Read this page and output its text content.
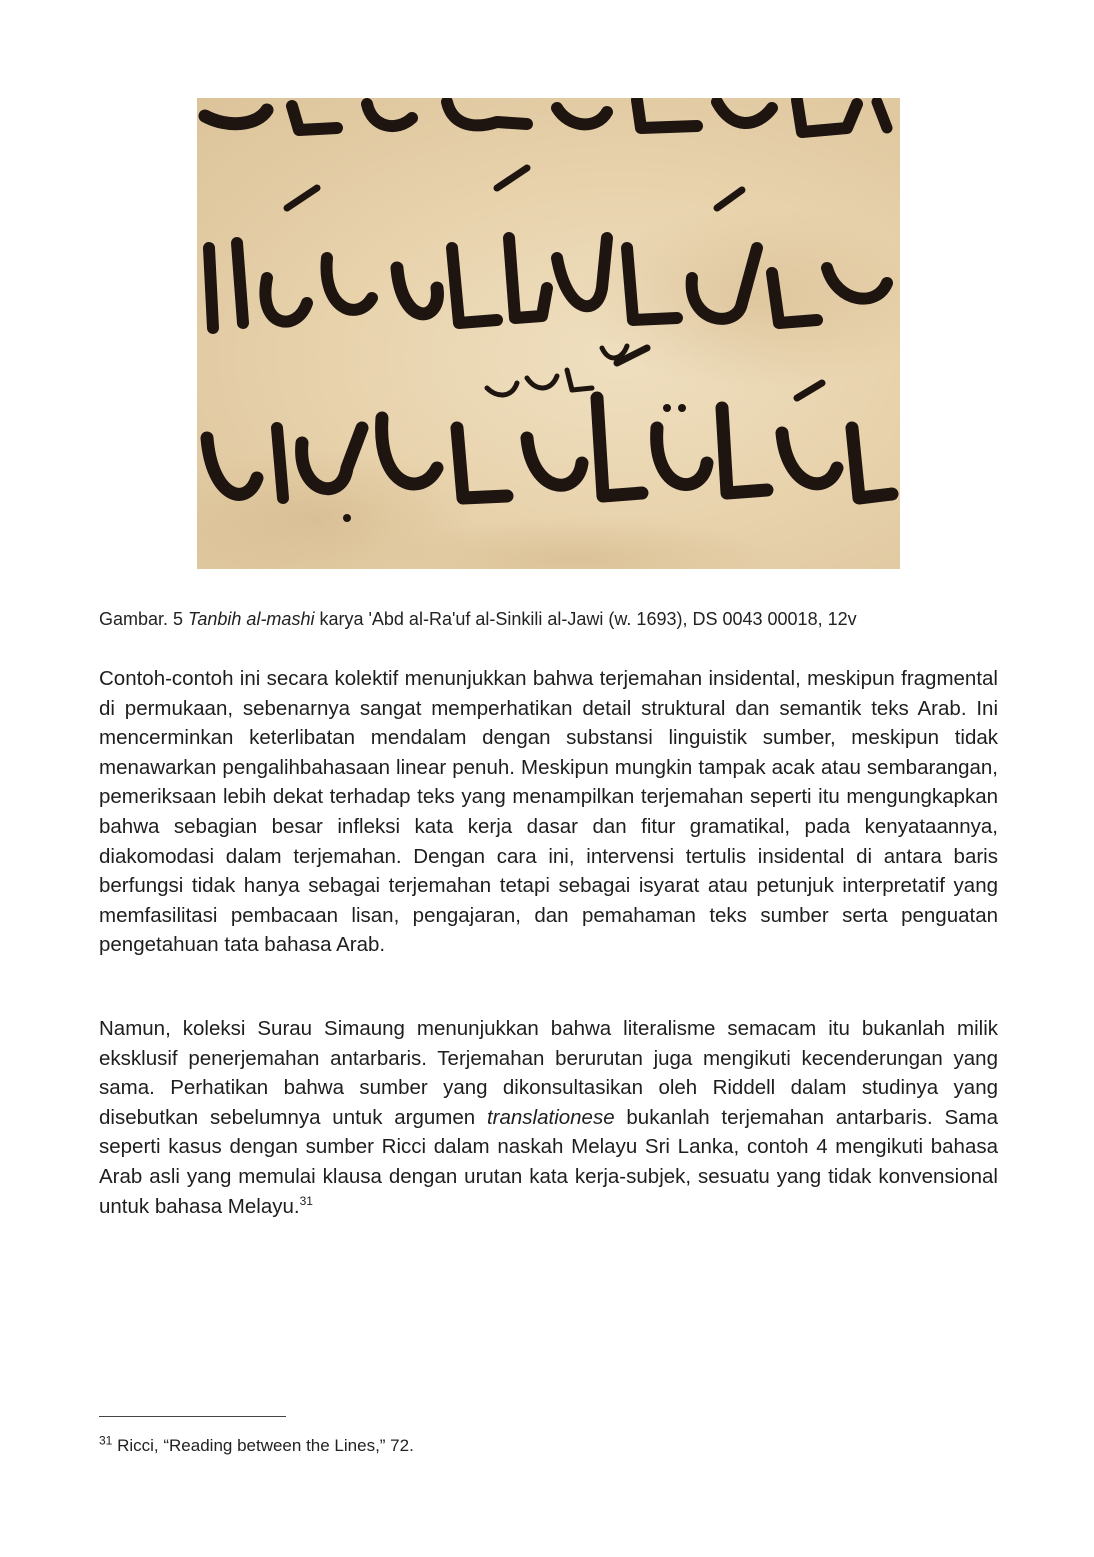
Gambar. 5 Tanbih al-mashi karya 'Abd al-Ra'uf al-Sinkili al-Jawi (w. 1693), DS 0043 00018, 12v

Contoh-contoh ini secara kolektif menunjukkan bahwa terjemahan insidental, meskipun fragmental di permukaan, sebenarnya sangat memperhatikan detail struktural dan semantik teks Arab. Ini mencerminkan keterlibatan mendalam dengan substansi linguistik sumber, meskipun tidak menawarkan pengalihbahasaan linear penuh. Meskipun mungkin tampak acak atau sembarangan, pemeriksaan lebih dekat terhadap teks yang menampilkan terjemahan seperti itu mengungkapkan bahwa sebagian besar infleksi kata kerja dasar dan fitur gramatikal, pada kenyataannya, diakomodasi dalam terjemahan. Dengan cara ini, intervensi tertulis insidental di antara baris berfungsi tidak hanya sebagai terjemahan tetapi sebagai isyarat atau petunjuk interpretatif yang memfasilitasi pembacaan lisan, pengajaran, dan pemahaman teks sumber serta penguatan pengetahuan tata bahasa Arab.

Namun, koleksi Surau Simaung menunjukkan bahwa literalisme semacam itu bukanlah milik eksklusif penerjemahan antarbaris. Terjemahan berurutan juga mengikuti kecenderungan yang sama. Perhatikan bahwa sumber yang dikonsultasikan oleh Riddell dalam studinya yang disebutkan sebelumnya untuk argumen translationese bukanlah terjemahan antarbaris. Sama seperti kasus dengan sumber Ricci dalam naskah Melayu Sri Lanka, contoh 4 mengikuti bahasa Arab asli yang memulai klausa dengan urutan kata kerja-subjek, sesuatu yang tidak konvensional untuk bahasa Melayu.$^{31}$

$^{31}$ Ricci, “Reading between the Lines,” 72.
